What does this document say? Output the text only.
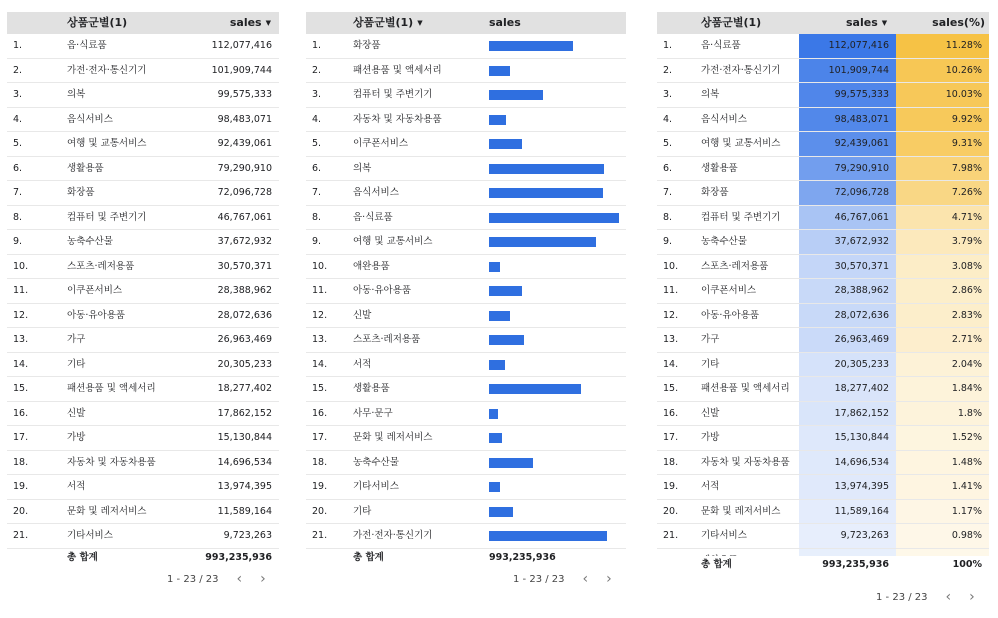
상품군별(1)	sales ▼
1.	음·식료품	112,077,416
2.	가전·전자·통신기기	101,909,744
3.	의복	99,575,333
4.	음식서비스	98,483,071
5.	여행 및 교통서비스	92,439,061
6.	생활용품	79,290,910
7.	화장품	72,096,728
8.	컴퓨터 및 주변기기	46,767,061
9.	농축수산물	37,672,932
10.	스포츠·레저용품	30,570,371
11.	이쿠폰서비스	28,388,962
12.	아동·유아용품	28,072,636
13.	가구	26,963,469
14.	기타	20,305,233
15.	패션용품 및 액세서리	18,277,402
16.	신발	17,862,152
17.	가방	15,130,844
18.	자동차 및 자동차용품	14,696,534
19.	서적	13,974,395
20.	문화 및 레저서비스	11,589,164
21.	기타서비스	9,723,263
총 합계	993,235,936
1 - 23 / 23 ‹ ›
상품군별(1) ▼	sales
1.	화장품
2.	패션용품 및 액세서리
3.	컴퓨터 및 주변기기
4.	자동차 및 자동차용품
5.	이쿠폰서비스
6.	의복
7.	음식서비스
8.	음·식료품
9.	여행 및 교통서비스
10.	애완용품
11.	아동·유아용품
12.	신발
13.	스포츠·레저용품
14.	서적
15.	생활용품
16.	사무·문구
17.	문화 및 레저서비스
18.	농축수산물
19.	기타서비스
20.	기타
21.	가전·전자·통신기기
총 합계	993,235,936
1 - 23 / 23 ‹ ›
상품군별(1)	sales ▼	sales(%)
1.	음·식료품	112,077,416	11.28%
2.	가전·전자·통신기기	101,909,744	10.26%
3.	의복	99,575,333	10.03%
4.	음식서비스	98,483,071	9.92%
5.	여행 및 교통서비스	92,439,061	9.31%
6.	생활용품	79,290,910	7.98%
7.	화장품	72,096,728	7.26%
8.	컴퓨터 및 주변기기	46,767,061	4.71%
9.	농축수산물	37,672,932	3.79%
10. 스포츠·레저용품	30,570,371	3.08%
11. 이쿠폰서비스	28,388,962	2.86%
12. 아동·유아용품	28,072,636	2.83%
13. 가구	26,963,469	2.71%
14. 기타	20,305,233	2.04%
15. 패션용품 및 액세서리	18,277,402	1.84%
16. 신발	17,862,152	1.8%
17. 가방	15,130,844	1.52%
18. 자동차 및 자동차용품	14,696,534	1.48%
19. 서적	13,974,395	1.41%
20. 문화 및 레저서비스	11,589,164	1.17%
21. 기타서비스	9,723,263	0.98%
총 합계	993,235,936	100%
1 - 23 / 23 ‹ ›
